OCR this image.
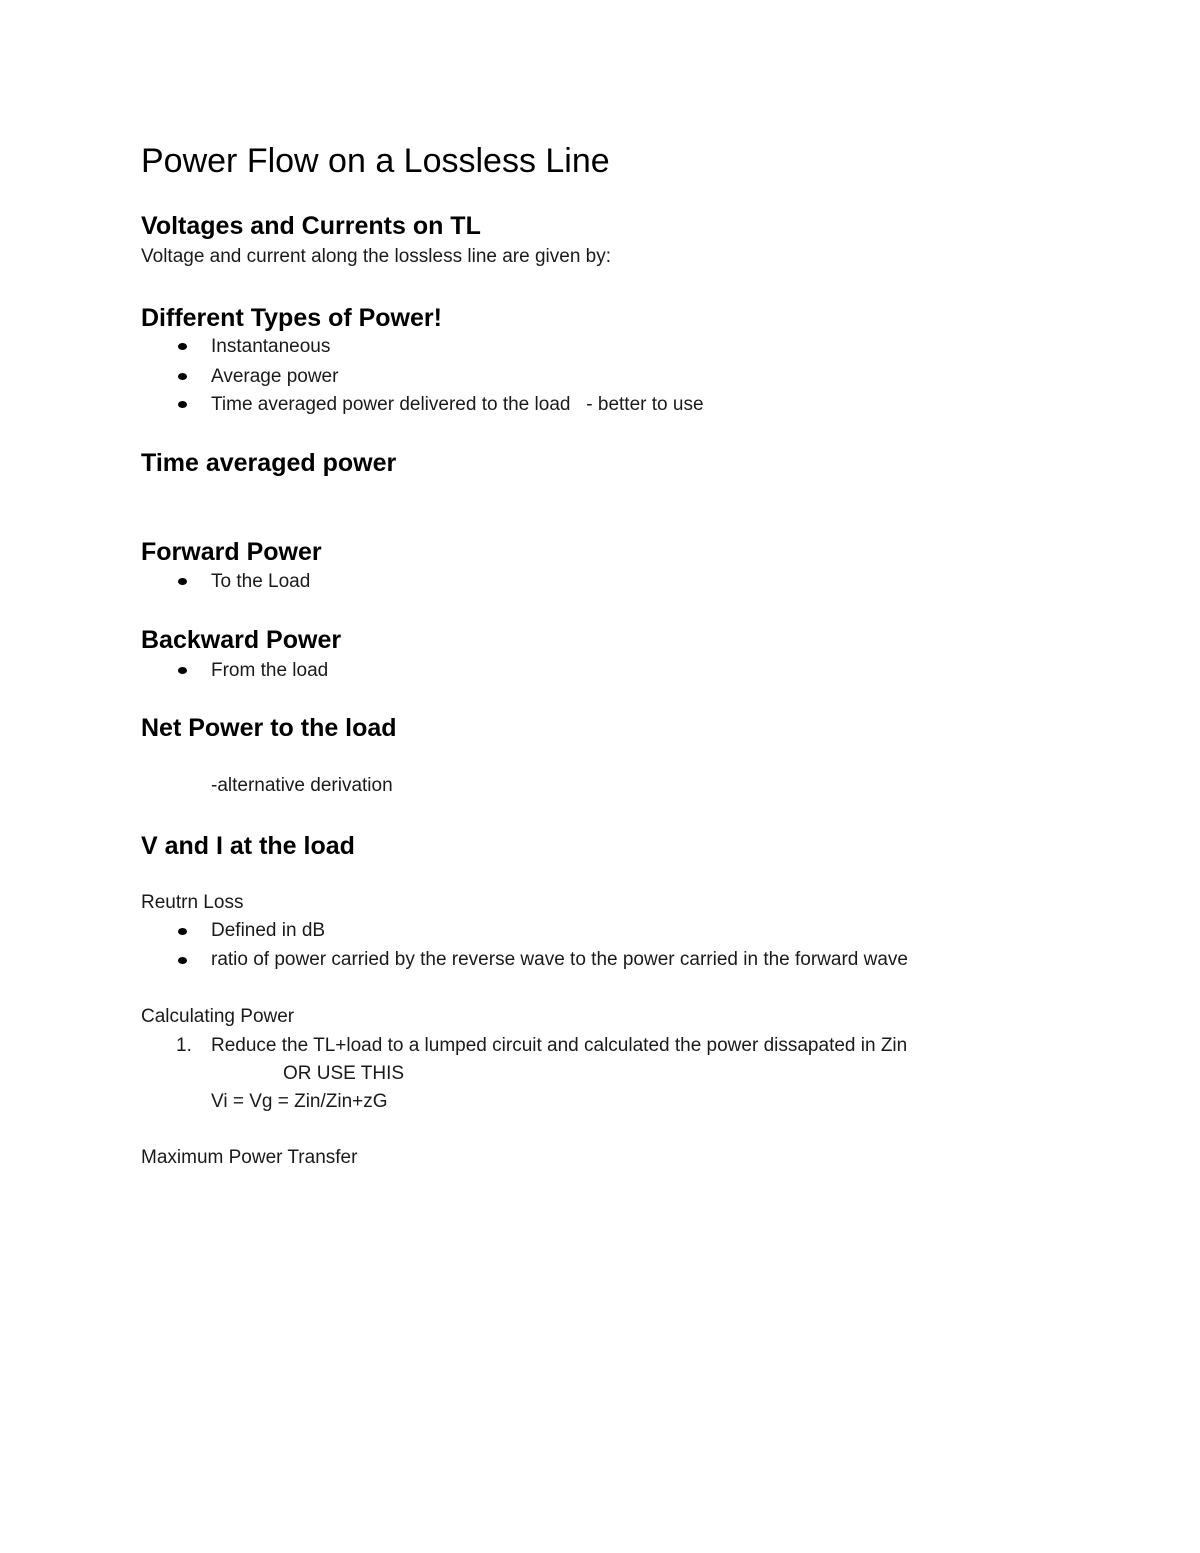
Power Flow on a Lossless Line
Voltages and Currents on TL

Voltage and current along the lossless line are given by:

Different Types of Power!

Instantaneous

Average power

Time averaged power delivered to the load   - better to use

Time averaged power
Forward Power

To the Load

Backward Power

From the load

Net Power to the load

-alternative derivation

V and I at the load

Reutrn Loss

Defined in dB

ratio of power carried by the reverse wave to the power carried in the forward wave

Calculating Power

1. Reduce the TL+load to a lumped circuit and calculated the power dissapated in Zin

OR USE THIS

Vi = Vg = Zin/Zin+zG

Maximum Power Transfer
